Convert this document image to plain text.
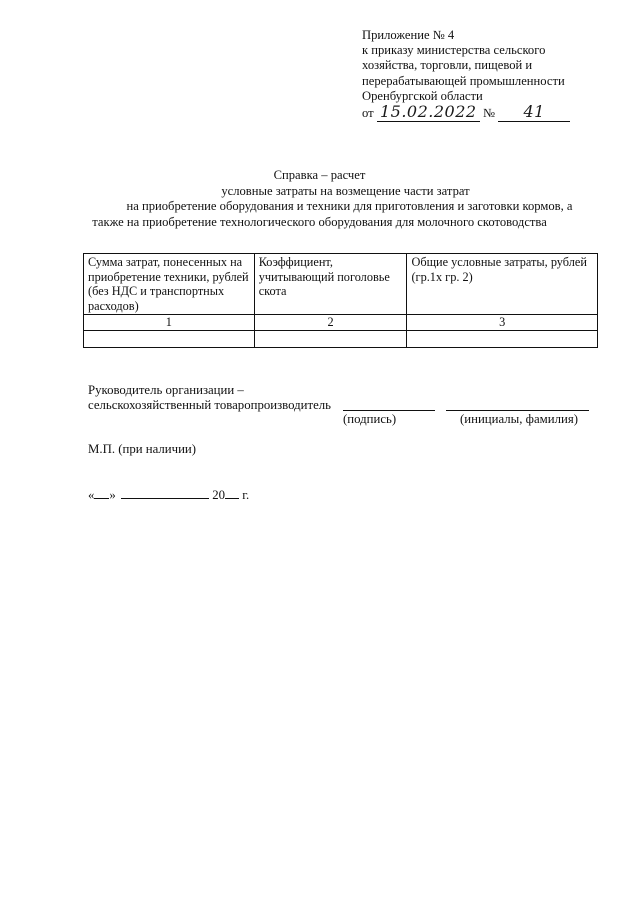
Приложение № 4
к приказу министерства сельского
хозяйства, торговли, пищевой и
перерабатывающей промышленности
Оренбургской области
от 15.02.2022 № 41
Справка – расчет
условные затраты на возмещение части затрат
на приобретение оборудования и техники для приготовления и заготовки кормов, а
также на приобретение технологического оборудования для молочного скотоводства
Сумма затрат, понесенных на приобретение техники, рублей (без НДС и транспортных расходов)	Коэффициент, учитывающий поголовье скота	Общие условные затраты, рублей (гр.1х гр. 2)
1	2	3

Руководитель организации –
сельскохозяйственный товаропроизводитель
(подпись)	(инициалы, фамилия)
М.П. (при наличии)
« »	20 г.
